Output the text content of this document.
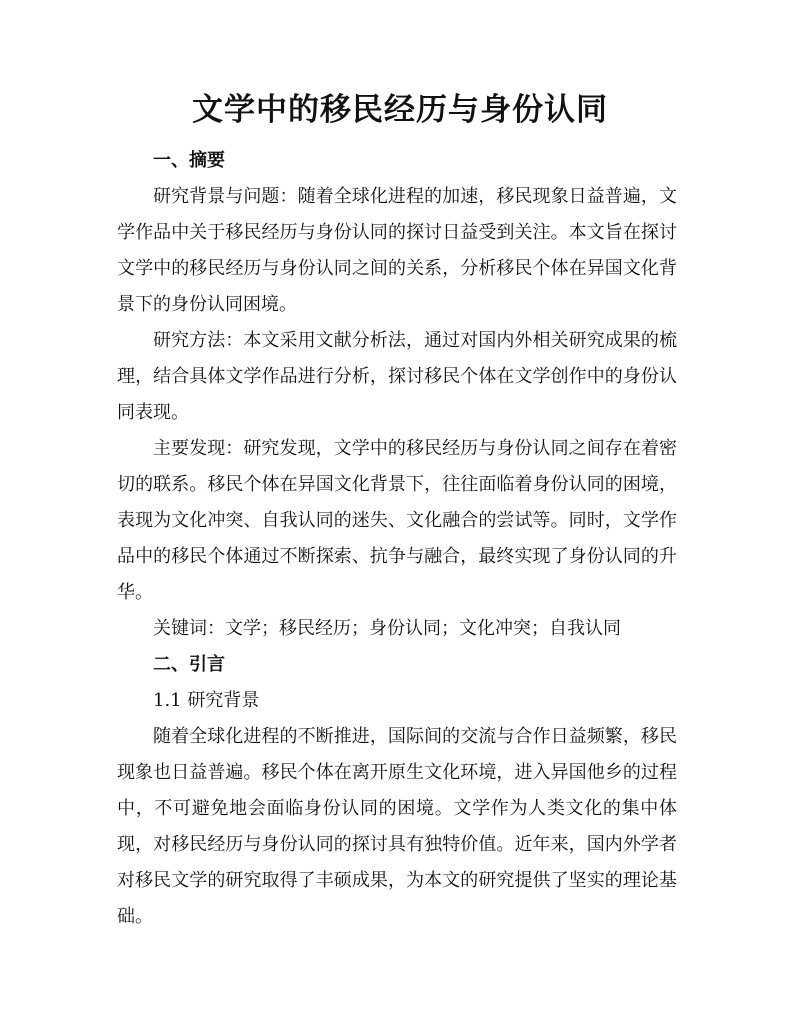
文学中的移民经历与身份认同

一、摘要

研究背景与问题：随着全球化进程的加速，移民现象日益普遍，文学作品中关于移民经历与身份认同的探讨日益受到关注。本文旨在探讨文学中的移民经历与身份认同之间的关系，分析移民个体在异国文化背景下的身份认同困境。

研究方法：本文采用文献分析法，通过对国内外相关研究成果的梳理，结合具体文学作品进行分析，探讨移民个体在文学创作中的身份认同表现。

主要发现：研究发现，文学中的移民经历与身份认同之间存在着密切的联系。移民个体在异国文化背景下，往往面临着身份认同的困境，表现为文化冲突、自我认同的迷失、文化融合的尝试等。同时，文学作品中的移民个体通过不断探索、抗争与融合，最终实现了身份认同的升华。

关键词：文学；移民经历；身份认同；文化冲突；自我认同

二、引言

1.1 研究背景

随着全球化进程的不断推进，国际间的交流与合作日益频繁，移民现象也日益普遍。移民个体在离开原生文化环境，进入异国他乡的过程中，不可避免地会面临身份认同的困境。文学作为人类文化的集中体现，对移民经历与身份认同的探讨具有独特价值。近年来，国内外学者对移民文学的研究取得了丰硕成果，为本文的研究提供了坚实的理论基础。
